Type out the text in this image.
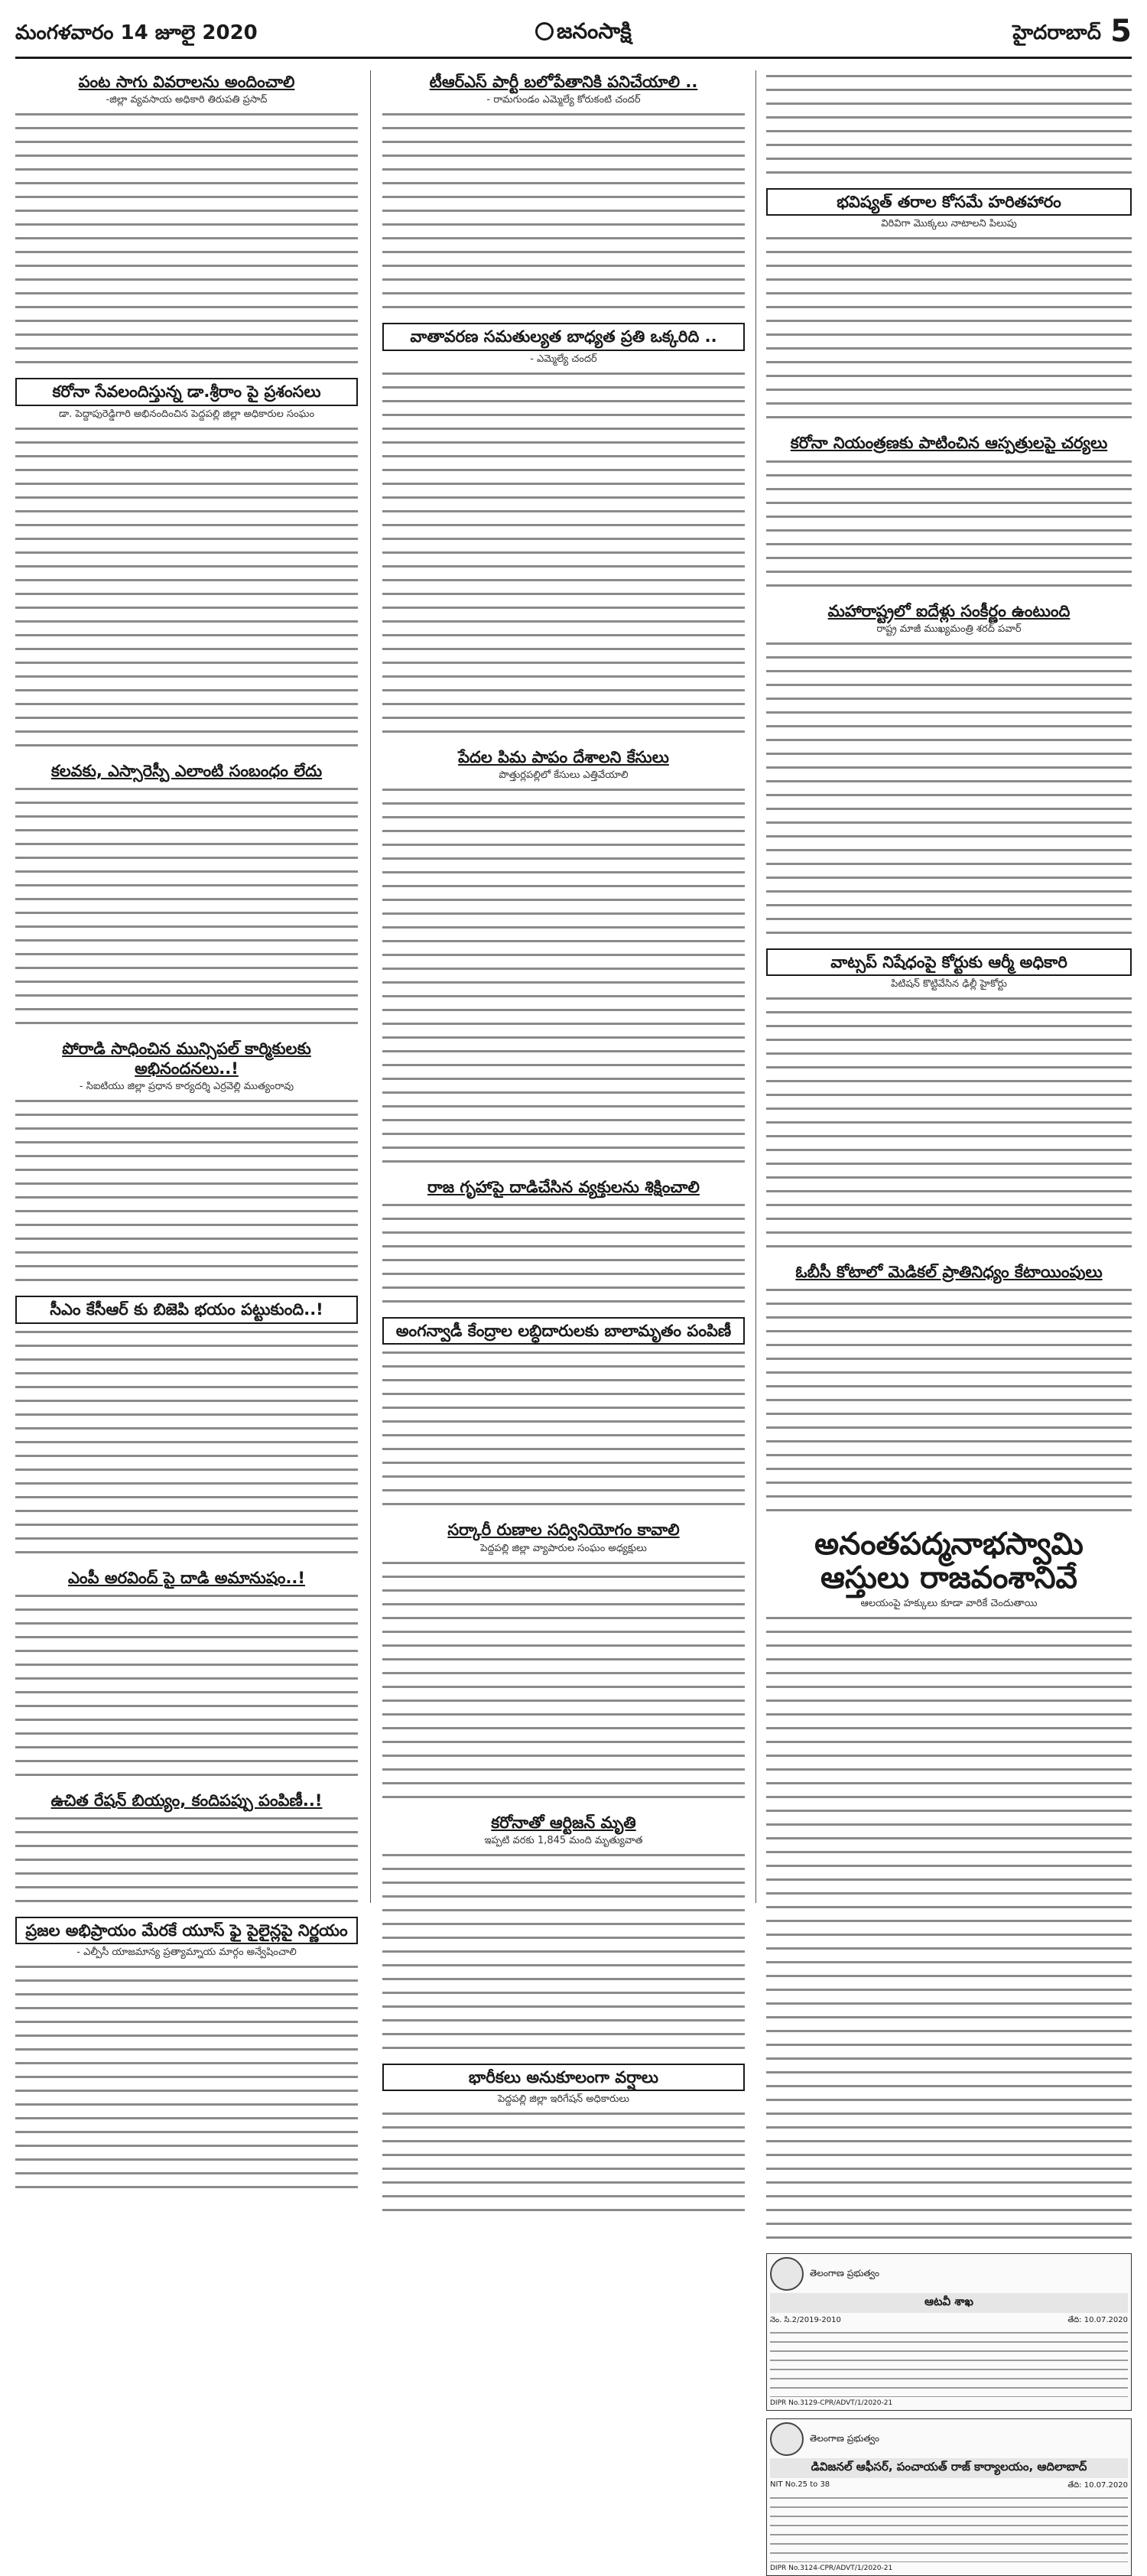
మంగళవారం 14 జూలై 2020	జనంసాక్షి	హైదరాబాద్ 5
పంట సాగు వివరాలను అందించాలి
-జిల్లా వ్యవసాయ అధికారి తిరుపతి ప్రసాద్
కరోనా సేవలందిస్తున్న డా.శ్రీరాం పై ప్రశంసలు
డా. పెద్దాపురెడ్డిగారి అభినందించిన పెద్దపల్లి జిల్లా అధికారుల సంఘం
కలవకు, ఎస్సారెస్పీ ఎలాంటి సంబంధం లేదు
పోరాడి సాధించిన మున్సిపల్ కార్మికులకు అభినందనలు..!
- సిఐటియు జిల్లా ప్రధాన కార్యదర్శి ఎర్రవెల్లి ముత్యంరావు
సీఎం కేసీఆర్ కు బిజెపి భయం పట్టుకుంది..!
ఎంపీ అరవింద్ పై దాడి అమానుషం..!
ఉచిత రేషన్ బియ్యం, కందిపప్పు పంపిణీ..!
ప్రజల అభిప్రాయం మేరకే యూస్ ఫై పైలైన్లపై నిర్ణయం
- ఎల్పీసీ యాజమాన్య ప్రత్యామ్నాయ మార్గం అన్వేషించాలి
టీఆర్ఎస్ పార్టీ బలోపేతానికి పనిచేయాలి ..
- రామగుండం ఎమ్మెల్యే కోరుకంటి చందర్
వాతావరణ సమతుల్యత బాధ్యత ప్రతి ఒక్కరిది ..
- ఎమ్మెల్యే చందర్
పేదల పిమ పాపం దేశాలని కేసులు
పొత్తుర్లపల్లిలో కేసులు ఎత్తివేయాలి
రాజ గృహాపై దాడిచేసిన వ్యక్తులను శిక్షించాలి
అంగన్వాడీ కేంద్రాల లబ్ధిదారులకు బాలామృతం పంపిణీ
సర్కారీ రుణాల సద్వినియోగం కావాలి
పెద్దపల్లి జిల్లా వ్యాపారుల సంఘం అధ్యక్షులు
కరోనాతో ఆర్టిజన్ మృతి
ఇప్పటి వరకు 1,845 మంది మృత్యువాత
భారీకలు అనుకూలంగా వర్షాలు
పెద్దపల్లి జిల్లా ఇరిగేషన్ అధికారులు
భవిష్యత్ తరాల కోసమే హరితహారం
విరివిగా మొక్కలు నాటాలని పిలుపు
కరోనా నియంత్రణకు పాటించిన ఆస్పత్రులపై చర్యలు
మహారాష్ట్రలో ఐదేళ్లు సంకీర్ణం ఉంటుంది
రాష్ట్ర మాజీ ముఖ్యమంత్రి శరద్ పవార్
వాట్సప్ నిషేధంపై కోర్టుకు ఆర్మీ అధికారి
పిటిషన్ కొట్టివేసిన ఢిల్లీ హైకోర్టు
ఓబీసీ కోటాలో మెడికల్ ప్రాతినిధ్యం కేటాయింపులు
అనంతపద్మనాభస్వామి ఆస్తులు రాజవంశానివే
ఆలయంపై హక్కులు కూడా వారికే చెందుతాయి
తెలంగాణ ప్రభుత్వం
ఆటవీ శాఖ
నెం. సి.2/2019-2010	తేది: 10.07.2020
DIPR No.3129-CPR/ADVT/1/2020-21
తెలంగాణ ప్రభుత్వం
డివిజనల్ ఆఫీసర్, పంచాయత్ రాజ్ కార్యాలయం, ఆదిలాబాద్
NIT No.25 to 38	తేది: 10.07.2020
DIPR No.3124-CPR/ADVT/1/2020-21
